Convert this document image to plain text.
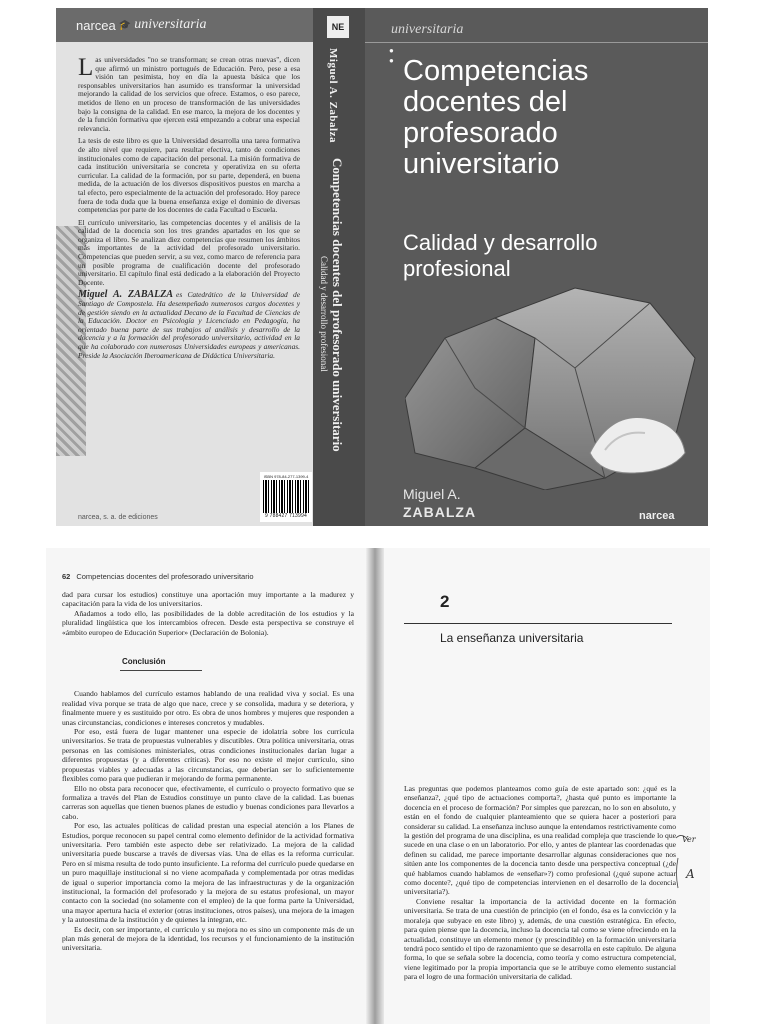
narcea 🎓 universitaria

Las universidades "no se transforman; se crean otras nuevas", dicen que afirmó un ministro portugués de Educación. Pero, pese a esa visión tan pesimista, hoy en día la apuesta básica que los responsables universitarios han asumido es transformar la universidad mejorando la calidad de los servicios que ofrece. Estamos, o eso parece, metidos de lleno en un proceso de transformación de las universidades bajo la consigna de la calidad. En ese marco, la mejora de los docentes y de la función formativa que ejercen está empezando a cobrar una especial relevancia.

La tesis de este libro es que la Universidad desarrolla una tarea formativa de alto nivel que requiere, para resultar efectiva, tanto de condiciones institucionales como de capacitación del personal. La misión formativa de cada institución universitaria se concreta y operativiza en su oferta curricular. La calidad de la formación, por su parte, dependerá, en buena medida, de la actuación de los diversos dispositivos puestos en marcha a tal efecto, pero especialmente de la actuación del profesorado. Hoy parece fuera de toda duda que la buena enseñanza exige el dominio de diversas competencias por parte de los docentes de cada Facultad o Escuela.

El currículo universitario, las competencias docentes y el análisis de la calidad de la docencia son los tres grandes apartados en los que se organiza el libro. Se analizan diez competencias que resumen los ámbitos más importantes de la actividad del profesorado universitario. Competencias que pueden servir, a su vez, como marco de referencia para un posible programa de cualificación docente del profesorado universitario. El capítulo final está dedicado a la elaboración del Proyecto Docente.

Miguel A. ZABALZA es Catedrático de la Universidad de Santiago de Compostela. Ha desempeñado numerosos cargos docentes y de gestión siendo en la actualidad Decano de la Facultad de Ciencias de la Educación. Doctor en Psicología y Licenciado en Pedagogía, ha orientado buena parte de sus trabajos al análisis y desarrollo de la docencia y a la formación del profesorado universitario, actividad en la que ha colaborado con numerosas Universidades europeas y americanas. Preside la Asociación Iberoamericana de Didáctica Universitaria.

ISBN 978-84-277-1399-4
9 788427 713994
narcea, s. a. de ediciones
NE
Miguel A. Zabalza
Competencias docentes del profesorado universitario
Calidad y desarrollo profesional
universitaria
●
● Competencias docentes del profesorado universitario
Calidad y desarrollo profesional
Miguel A.
ZABALZA	narcea
62 Competencias docentes del profesorado universitario

dad para cursar los estudios) constituye una aportación muy importante a la madurez y capacitación para la vida de los universitarios.

Añadamos a todo ello, las posibilidades de la doble acreditación de los estudios y la pluralidad lingüística que los intercambios ofrecen. Desde esta perspectiva se construye el «ámbito europeo de Educación Superior» (Declaración de Bolonia).

Conclusión

Cuando hablamos del currículo estamos hablando de una realidad viva y social. Es una realidad viva porque se trata de algo que nace, crece y se consolida, madura y se deteriora, y finalmente muere y es sustituido por otro. Es obra de unos hombres y mujeres que responden a unas circunstancias, condiciones e intereses concretos y mudables.

Por eso, está fuera de lugar mantener una especie de idolatría sobre los currícula universitarios. Se trata de propuestas vulnerables y discutibles. Otra política universitaria, otras personas en las comisiones ministeriales, otras condiciones institucionales darían lugar a diferentes propuestas (y a diferentes críticas). Por eso no existe el mejor currículo, sino propuestas viables y adecuadas a las circunstancias, que deberían ser lo suficientemente flexibles como para que pudieran ir mejorando de forma permanente.

Ello no obsta para reconocer que, efectivamente, el currículo o proyecto formativo que se formaliza a través del Plan de Estudios constituye un punto clave de la calidad. Las buenas carreras son aquellas que tienen buenos planes de estudio y buenas condiciones para llevarlos a cabo.

Por eso, las actuales políticas de calidad prestan una especial atención a los Planes de Estudios, porque reconocen su papel central como elemento definidor de la actividad formativa universitaria. Pero también este aspecto debe ser relativizado. La mejora de la calidad universitaria puede buscarse a través de diversas vías. Una de ellas es la reforma curricular. Pero en sí misma resulta de todo punto insuficiente. La reforma del currículo puede quedarse en un puro maquillaje institucional si no viene acompañada y complementada por otras medidas de igual o superior importancia como la mejora de las infraestructuras y de la organización institucional, la formación del profesorado y la mejora de su estatus profesional, un mayor contacto con la sociedad (no solamente con el empleo) de la que forma parte la Universidad, una mayor apertura hacia el exterior (otras instituciones, otros países), una mejora de la imagen y la autoestima de la institución y de quienes la integran, etc.

Es decir, con ser importante, el currículo y su mejora no es sino un componente más de un plan más general de mejora de la identidad, los recursos y el funcionamiento de la institución universitaria.

2
La enseñanza universitaria

Las preguntas que podemos planteamos como guía de este apartado son: ¿qué es la enseñanza?, ¿qué tipo de actuaciones comporta?, ¿hasta qué punto es importante la docencia en el proceso de formación? Por simples que parezcan, no lo son en absoluto, y están en el fondo de cualquier planteamiento que se quiera hacer a posteriori para considerar su calidad. La enseñanza incluso aunque la entendamos restrictivamente como la gestión del programa de una disciplina, es una realidad compleja que trasciende lo que sucede en una clase o en un laboratorio. Por ello, y antes de plantear las coordenadas que definen su calidad, me parece importante desarrollar algunas consideraciones que nos sitúen ante los componentes de la docencia tanto desde una perspectiva conceptual (¿de qué hablamos cuando hablamos de «enseñar»?) como profesional (¿qué supone actuar como docente?, ¿qué tipo de competencias intervienen en el desarrollo de la docencia universitaria?).

Conviene resaltar la importancia de la actividad docente en la formación universitaria. Se trata de una cuestión de principio (en el fondo, ésa es la convicción y la moraleja que subyace en este libro) y, además, de una cuestión estratégica. En efecto, para quien piense que la docencia, incluso la docencia tal como se viene ofreciendo en la actualidad, constituye un elemento menor (y prescindible) en la formación universitaria tendrá poco sentido el tipo de razonamiento que se desarrolla en este capítulo. De alguna forma, lo que se señala sobre la docencia, como teoría y como estructura competencial, viene legitimado por la propia importancia que se le atribuye como elemento sustancial para el logro de una formación universitaria de calidad.

Ver
A
